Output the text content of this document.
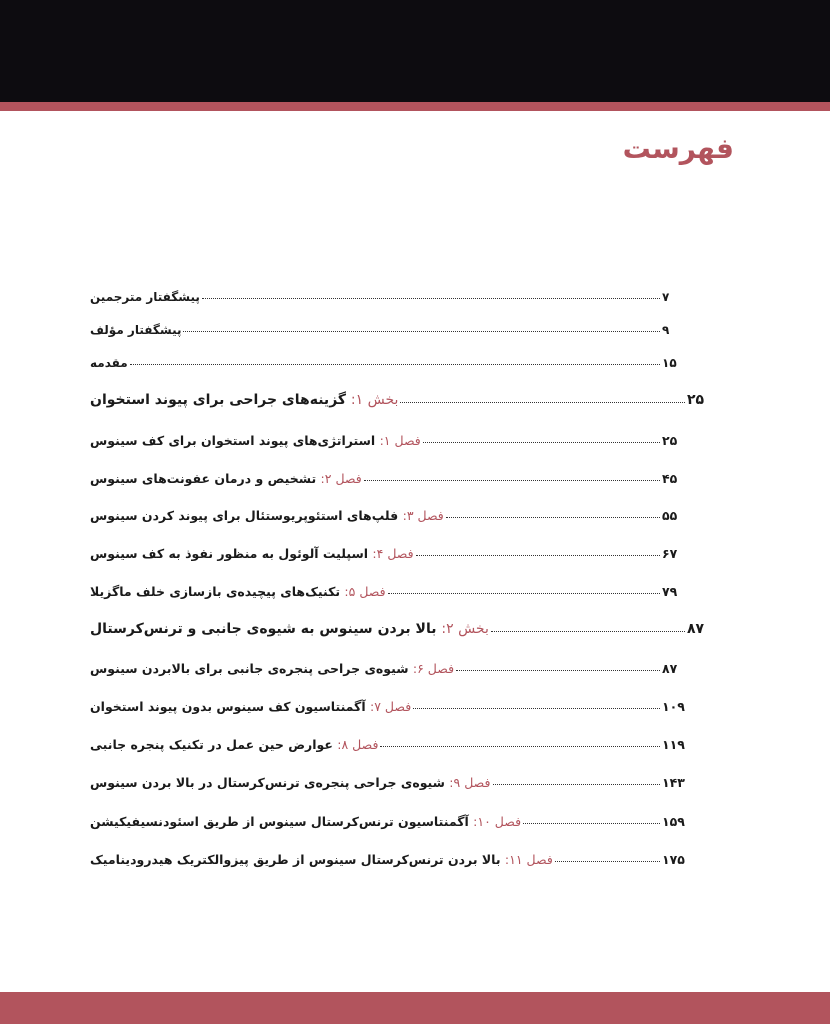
فهرست
پیشگفتار مترجمین	۷
پیشگفتار مؤلف	۹
مقدمه	۱۵
بخش ۱: گزینه‌های جراحی برای پیوند استخوان	۲۵
فصل ۱: استراتژی‌های پیوند استخوان برای کف سینوس	۲۵
فصل ۲: تشخیص و درمان عفونت‌های سینوس	۴۵
فصل ۳: فلپ‌های استئوپریوستئال برای پیوند کردن سینوس	۵۵
فصل ۴: اسپلیت آلوئول به منظور نفوذ به کف سینوس	۶۷
فصل ۵: تکنیک‌های پیچیده‌ی بازسازی خلف ماگزیلا	۷۹
بخش ۲: بالا بردن سینوس به شیوه‌ی جانبی و ترنس‌کرستال	۸۷
فصل ۶: شیوه‌ی جراحی پنجره‌ی جانبی برای بالابردن سینوس	۸۷
فصل ۷: آگمنتاسیون کف سینوس بدون پیوند استخوان	۱۰۹
فصل ۸: عوارض حین عمل در تکنیک پنجره جانبی	۱۱۹
فصل ۹: شیوه‌ی جراحی پنجره‌ی ترنس‌کرستال در بالا بردن سینوس	۱۴۳
فصل ۱۰: آگمنتاسیون ترنس‌کرستال سینوس از طریق اسئودنسیفیکیشن	۱۵۹
فصل ۱۱: بالا بردن ترنس‌کرستال سینوس از طریق پیزوالکتریک هیدرودینامیک	۱۷۵
